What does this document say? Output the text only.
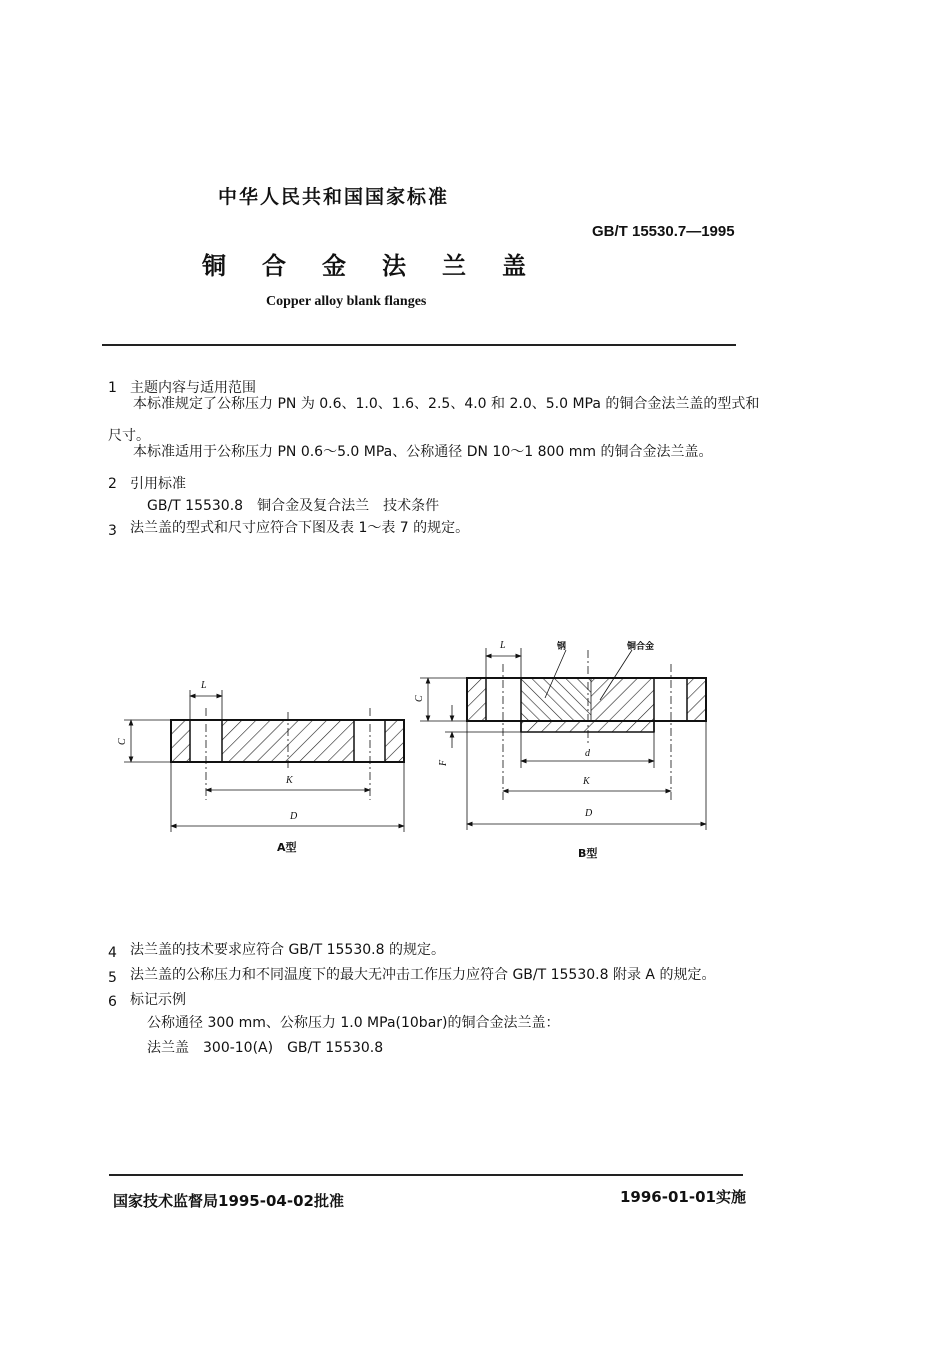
中华人民共和国国家标准
GB/T 15530.7—1995
铜合金法兰盖
Copper alloy blank flanges
1 主题内容与适用范围
本标准规定了公称压力 PN 为 0.6、1.0、1.6、2.5、4.0 和 2.0、5.0 MPa 的铜合金法兰盖的型式和
尺寸。
本标准适用于公称压力 PN 0.6～5.0 MPa、公称通径 DN 10～1 800 mm 的铜合金法兰盖。
2 引用标准
GB/T 15530.8　铜合金及复合法兰　技术条件
3 法兰盖的型式和尺寸应符合下图及表 1～表 7 的规定。
L
C
K
D
A型
L	钢	铜合金
C
F
d
K
D
B型
4 法兰盖的技术要求应符合 GB/T 15530.8 的规定。
5 法兰盖的公称压力和不同温度下的最大无冲击工作压力应符合 GB/T 15530.8 附录 A 的规定。
6 标记示例
公称通径 300 mm、公称压力 1.0 MPa(10bar)的铜合金法兰盖：
法兰盖　300-10(A)　GB/T 15530.8
国家技术监督局1995-04-02批准	1996-01-01实施
